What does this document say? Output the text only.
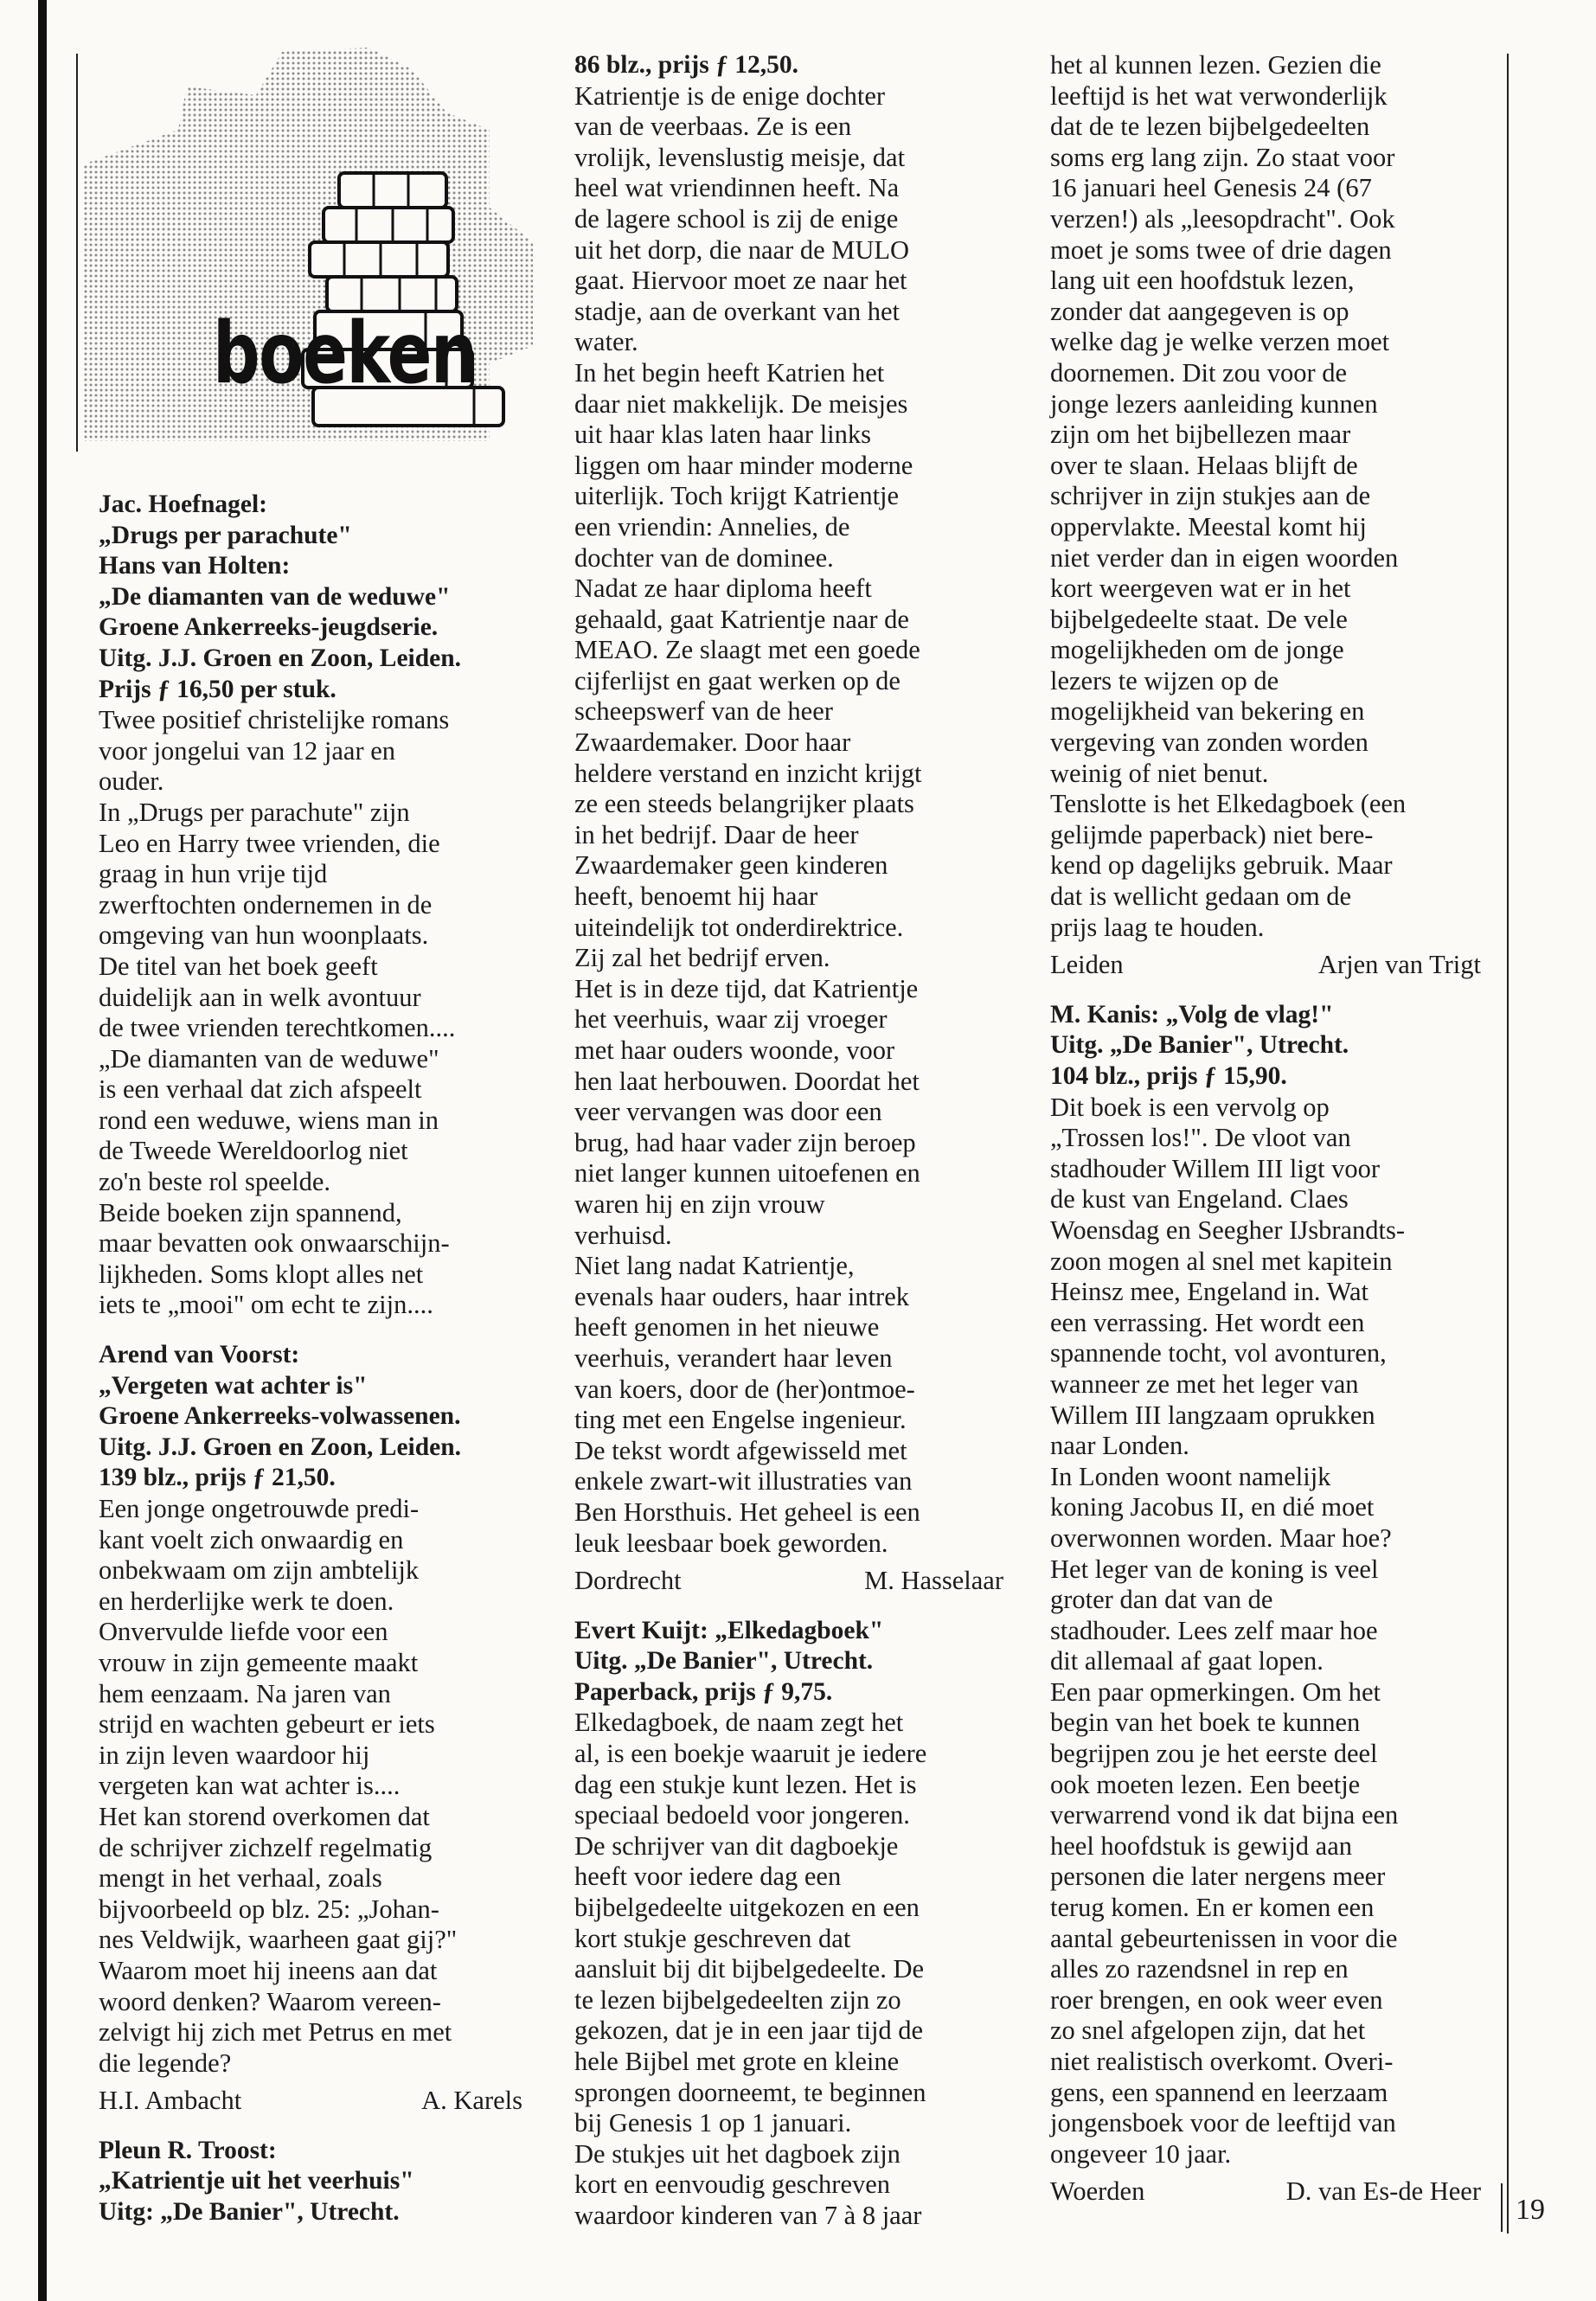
boeken

Jac. Hoefnagel:

„Drugs per parachute"

Hans van Holten:

„De diamanten van de weduwe"

Groene Ankerreeks-jeugdserie.

Uitg. J.J. Groen en Zoon, Leiden.

Prijs ƒ 16,50 per stuk.

Twee positief christelijke romans

voor jongelui van 12 jaar en

ouder.

In „Drugs per parachute" zijn

Leo en Harry twee vrienden, die

graag in hun vrije tijd

zwerftochten ondernemen in de

omgeving van hun woonplaats.

De titel van het boek geeft

duidelijk aan in welk avontuur

de twee vrienden terechtkomen....

„De diamanten van de weduwe"

is een verhaal dat zich afspeelt

rond een weduwe, wiens man in

de Tweede Wereldoorlog niet

zo'n beste rol speelde.

Beide boeken zijn spannend,

maar bevatten ook onwaarschijn-

lijkheden. Soms klopt alles net

iets te „mooi" om echt te zijn....

Arend van Voorst:

„Vergeten wat achter is"

Groene Ankerreeks-volwassenen.

Uitg. J.J. Groen en Zoon, Leiden.

139 blz., prijs ƒ 21,50.

Een jonge ongetrouwde predi-

kant voelt zich onwaardig en

onbekwaam om zijn ambtelijk

en herderlijke werk te doen.

Onvervulde liefde voor een

vrouw in zijn gemeente maakt

hem eenzaam. Na jaren van

strijd en wachten gebeurt er iets

in zijn leven waardoor hij

vergeten kan wat achter is....

Het kan storend overkomen dat

de schrijver zichzelf regelmatig

mengt in het verhaal, zoals

bijvoorbeeld op blz. 25: „Johan-

nes Veldwijk, waarheen gaat gij?"

Waarom moet hij ineens aan dat

woord denken? Waarom vereen-

zelvigt hij zich met Petrus en met

die legende?

H.I. Ambacht	A. Karels

Pleun R. Troost:

„Katrientje uit het veerhuis"

Uitg: „De Banier", Utrecht.

86 blz., prijs ƒ 12,50.

Katrientje is de enige dochter

van de veerbaas. Ze is een

vrolijk, levenslustig meisje, dat

heel wat vriendinnen heeft. Na

de lagere school is zij de enige

uit het dorp, die naar de MULO

gaat. Hiervoor moet ze naar het

stadje, aan de overkant van het

water.

In het begin heeft Katrien het

daar niet makkelijk. De meisjes

uit haar klas laten haar links

liggen om haar minder moderne

uiterlijk. Toch krijgt Katrientje

een vriendin: Annelies, de

dochter van de dominee.

Nadat ze haar diploma heeft

gehaald, gaat Katrientje naar de

MEAO. Ze slaagt met een goede

cijferlijst en gaat werken op de

scheepswerf van de heer

Zwaardemaker. Door haar

heldere verstand en inzicht krijgt

ze een steeds belangrijker plaats

in het bedrijf. Daar de heer

Zwaardemaker geen kinderen

heeft, benoemt hij haar

uiteindelijk tot onderdirektrice.

Zij zal het bedrijf erven.

Het is in deze tijd, dat Katrientje

het veerhuis, waar zij vroeger

met haar ouders woonde, voor

hen laat herbouwen. Doordat het

veer vervangen was door een

brug, had haar vader zijn beroep

niet langer kunnen uitoefenen en

waren hij en zijn vrouw

verhuisd.

Niet lang nadat Katrientje,

evenals haar ouders, haar intrek

heeft genomen in het nieuwe

veerhuis, verandert haar leven

van koers, door de (her)ontmoe-

ting met een Engelse ingenieur.

De tekst wordt afgewisseld met

enkele zwart-wit illustraties van

Ben Horsthuis. Het geheel is een

leuk leesbaar boek geworden.

Dordrecht	M. Hasselaar

Evert Kuijt: „Elkedagboek"

Uitg. „De Banier", Utrecht.

Paperback, prijs ƒ 9,75.

Elkedagboek, de naam zegt het

al, is een boekje waaruit je iedere

dag een stukje kunt lezen. Het is

speciaal bedoeld voor jongeren.

De schrijver van dit dagboekje

heeft voor iedere dag een

bijbelgedeelte uitgekozen en een

kort stukje geschreven dat

aansluit bij dit bijbelgedeelte. De

te lezen bijbelgedeelten zijn zo

gekozen, dat je in een jaar tijd de

hele Bijbel met grote en kleine

sprongen doorneemt, te beginnen

bij Genesis 1 op 1 januari.

De stukjes uit het dagboek zijn

kort en eenvoudig geschreven

waardoor kinderen van 7 à 8 jaar

het al kunnen lezen. Gezien die

leeftijd is het wat verwonderlijk

dat de te lezen bijbelgedeelten

soms erg lang zijn. Zo staat voor

16 januari heel Genesis 24 (67

verzen!) als „leesopdracht". Ook

moet je soms twee of drie dagen

lang uit een hoofdstuk lezen,

zonder dat aangegeven is op

welke dag je welke verzen moet

doornemen. Dit zou voor de

jonge lezers aanleiding kunnen

zijn om het bijbellezen maar

over te slaan. Helaas blijft de

schrijver in zijn stukjes aan de

oppervlakte. Meestal komt hij

niet verder dan in eigen woorden

kort weergeven wat er in het

bijbelgedeelte staat. De vele

mogelijkheden om de jonge

lezers te wijzen op de

mogelijkheid van bekering en

vergeving van zonden worden

weinig of niet benut.

Tenslotte is het Elkedagboek (een

gelijmde paperback) niet bere-

kend op dagelijks gebruik. Maar

dat is wellicht gedaan om de

prijs laag te houden.

Leiden	Arjen van Trigt

M. Kanis: „Volg de vlag!"

Uitg. „De Banier", Utrecht.

104 blz., prijs ƒ 15,90.

Dit boek is een vervolg op

„Trossen los!". De vloot van

stadhouder Willem III ligt voor

de kust van Engeland. Claes

Woensdag en Seegher IJsbrandts-

zoon mogen al snel met kapitein

Heinsz mee, Engeland in. Wat

een verrassing. Het wordt een

spannende tocht, vol avonturen,

wanneer ze met het leger van

Willem III langzaam oprukken

naar Londen.

In Londen woont namelijk

koning Jacobus II, en dié moet

overwonnen worden. Maar hoe?

Het leger van de koning is veel

groter dan dat van de

stadhouder. Lees zelf maar hoe

dit allemaal af gaat lopen.

Een paar opmerkingen. Om het

begin van het boek te kunnen

begrijpen zou je het eerste deel

ook moeten lezen. Een beetje

verwarrend vond ik dat bijna een

heel hoofdstuk is gewijd aan

personen die later nergens meer

terug komen. En er komen een

aantal gebeurtenissen in voor die

alles zo razendsnel in rep en

roer brengen, en ook weer even

zo snel afgelopen zijn, dat het

niet realistisch overkomt. Overi-

gens, een spannend en leerzaam

jongensboek voor de leeftijd van

ongeveer 10 jaar.

Woerden	D. van Es-de Heer
19
